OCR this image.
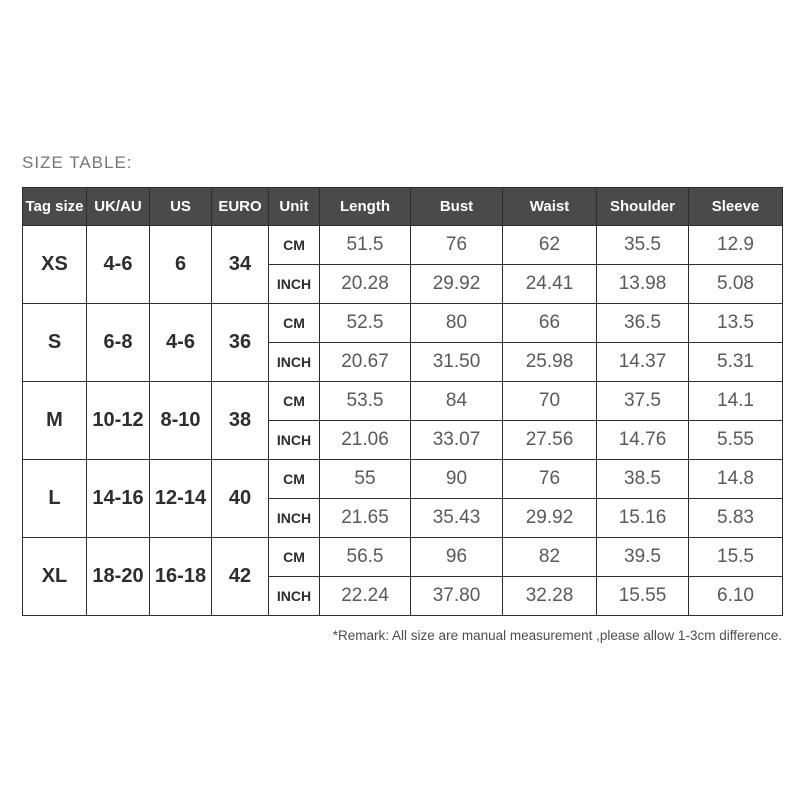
SIZE TABLE:
Tag size	UK/AU	US	EURO	Unit	Length	Bust	Waist	Shoulder	Sleeve
XS	4-6	6	34	CM	51.5	76	62	35.5	12.9
				INCH	20.28	29.92	24.41	13.98	5.08
S	6-8	4-6	36	CM	52.5	80	66	36.5	13.5
				INCH	20.67	31.50	25.98	14.37	5.31
M	10-12	8-10	38	CM	53.5	84	70	37.5	14.1
				INCH	21.06	33.07	27.56	14.76	5.55
L	14-16	12-14	40	CM	55	90	76	38.5	14.8
				INCH	21.65	35.43	29.92	15.16	5.83
XL	18-20	16-18	42	CM	56.5	96	82	39.5	15.5
				INCH	22.24	37.80	32.28	15.55	6.10
*Remark: All size are manual measurement ,please allow 1-3cm difference.
